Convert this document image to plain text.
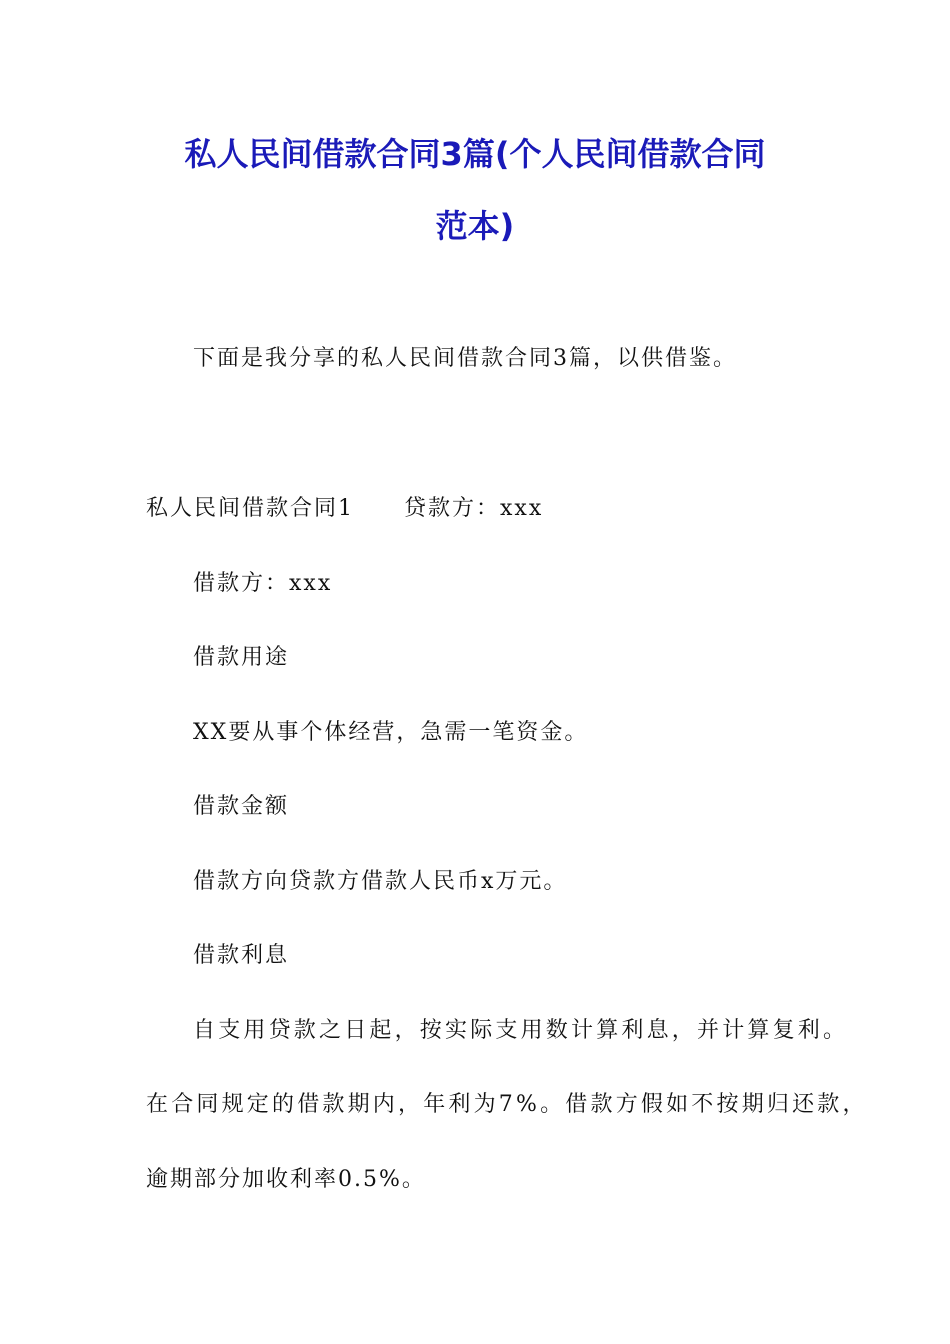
私人民间借款合同3篇(个人民间借款合同
范本)
下面是我分享的私人民间借款合同3篇，以供借鉴。
私人民间借款合同1 贷款方：xxx
借款方：xxx
借款用途
XX要从事个体经营，急需一笔资金。
借款金额
借款方向贷款方借款人民币x万元。
借款利息
自支用贷款之日起，按实际支用数计算利息，并计算复利。
在合同规定的借款期内，年利为7%。借款方假如不按期归还款，
逾期部分加收利率0.5%。
